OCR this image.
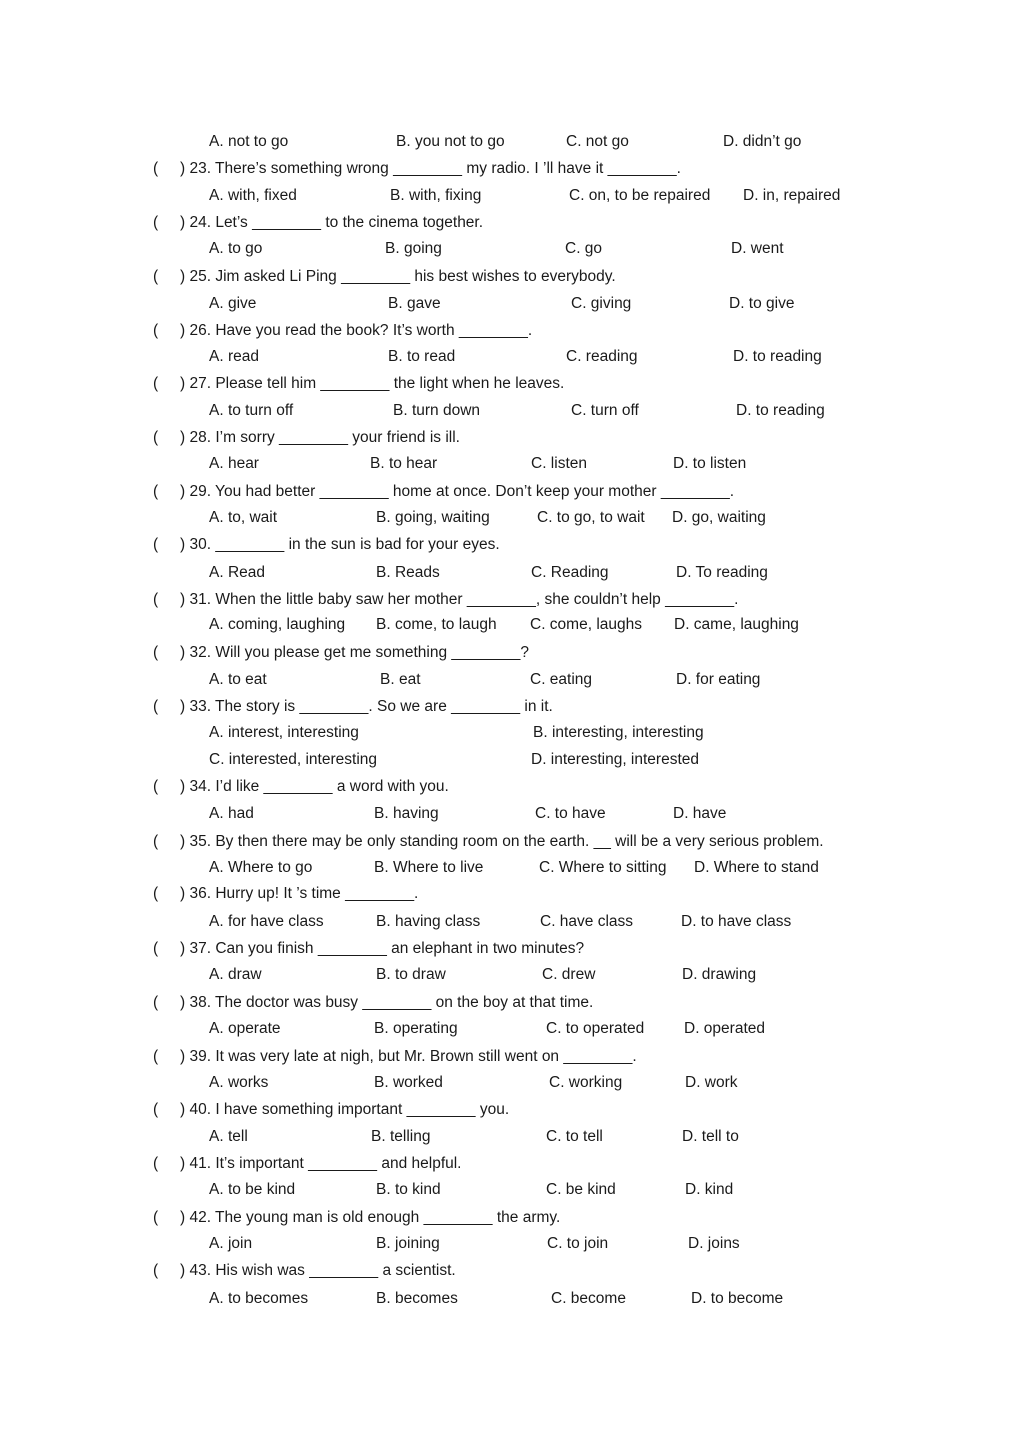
A. not to go	B. you not to go	C. not go	D. didn’t go
( ) 23. There’s something wrong ________ my radio. I ’ll have it ________.
A. with, fixed	B. with, fixing	C. on, to be repaired D. in, repaired
( ) 24. Let’s ________ to the cinema together.
A. to go	B. going	C. go	D. went
( ) 25. Jim asked Li Ping ________ his best wishes to everybody.
A. give	B. gave	C. giving	D. to give
( ) 26. Have you read the book? It’s worth ________.
A. read	B. to read	C. reading	D. to reading
( ) 27. Please tell him ________ the light when he leaves.
A. to turn off	B. turn down	C. turn off	D. to reading
( ) 28. I’m sorry ________ your friend is ill.
A. hear	B. to hear	C. listen	D. to listen
( ) 29. You had better ________ home at once. Don’t keep your mother ________.
A. to, wait	B. going, waiting	C. to go, to wait D. go, waiting
( ) 30. ________ in the sun is bad for your eyes.
A. Read	B. Reads	C. Reading	D. To reading
( ) 31. When the little baby saw her mother ________, she couldn’t help ________.
A. coming, laughing B. come, to laugh C. come, laughs D. came, laughing
( ) 32. Will you please get me something ________?
A. to eat	B. eat	C. eating	D. for eating
( ) 33. The story is ________. So we are ________ in it.
A. interest, interesting	B. interesting, interesting
C. interested, interesting	D. interesting, interested
( ) 34. I’d like ________ a word with you.
A. had	B. having	C. to have	D. have
( ) 35. By then there may be only standing room on the earth. __ will be a very serious problem.
A. Where to go	B. Where to live	C. Where to sitting D. Where to stand
( ) 36. Hurry up! It ’s time ________.
A. for have class	B. having class	C. have class	D. to have class
( ) 37. Can you finish ________ an elephant in two minutes?
A. draw	B. to draw	C. drew	D. drawing
( ) 38. The doctor was busy ________ on the boy at that time.
A. operate	B. operating	C. to operated	D. operated
( ) 39. It was very late at nigh, but Mr. Brown still went on ________.
A. works	B. worked	C. working	D. work
( ) 40. I have something important ________ you.
A. tell	B. telling	C. to tell	D. tell to
( ) 41. It’s important ________ and helpful.
A. to be kind	B. to kind	C. be kind	D. kind
( ) 42. The young man is old enough ________ the army.
A. join	B. joining	C. to join	D. joins
( ) 43. His wish was ________ a scientist.
A. to becomes	B. becomes	C. become	D. to become
